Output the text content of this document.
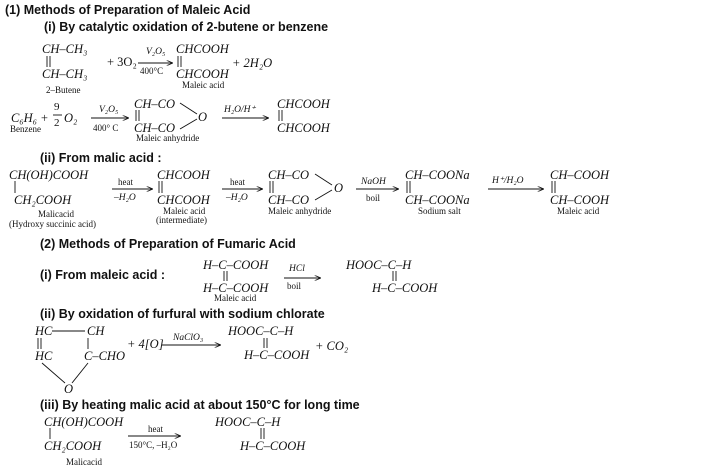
(1) Methods of Preparation of Maleic Acid
(i) By catalytic oxidation of 2-butene or benzene
CH–CH₃
CH–CH₃
2–Butene
+ 3O₂
V₂O₅
400°C
CHCOOH
CHCOOH
Maleic acid
+ 2H₂O
C₆H₆ +
9
2 O₂
Benzene
V₂O₅
400° C
CH–CO
CH–CO
O
Maleic anhydride
H₂O/H⁺ CHCOOH
CHCOOH
(ii) From malic acid :
CH(OH)COOH
CH₂COOH
Malicacid
(Hydroxy succinic acid)
heat
–H₂O
CHCOOH
CHCOOH
Maleic acid
(intermediate)
heat
–H₂O
CH–CO
CH–CO
O
Maleic anhydride
NaOH
boil
CH–COONa
CH–COONa
Sodium salt
H⁺/H₂O CH–COOH
CH–COOH
Maleic acid
(2) Methods of Preparation of Fumaric Acid
(i) From maleic acid :
H–C–COOH
H–C–COOH
Maleic acid
HCl
boil
HOOC–C–H
H–C–COOH
(ii) By oxidation of furfural with sodium chlorate
HC	CH
HC	C–CHO
O
+ 4[O] NaClO₃ HOOC–C–H
H–C–COOH
+ CO₂
(iii) By heating malic acid at about 150°C for long time
CH(OH)COOH
CH₂COOH
Malicacid
heat
150°C, –H₂O
HOOC–C–H
H–C–COOH
